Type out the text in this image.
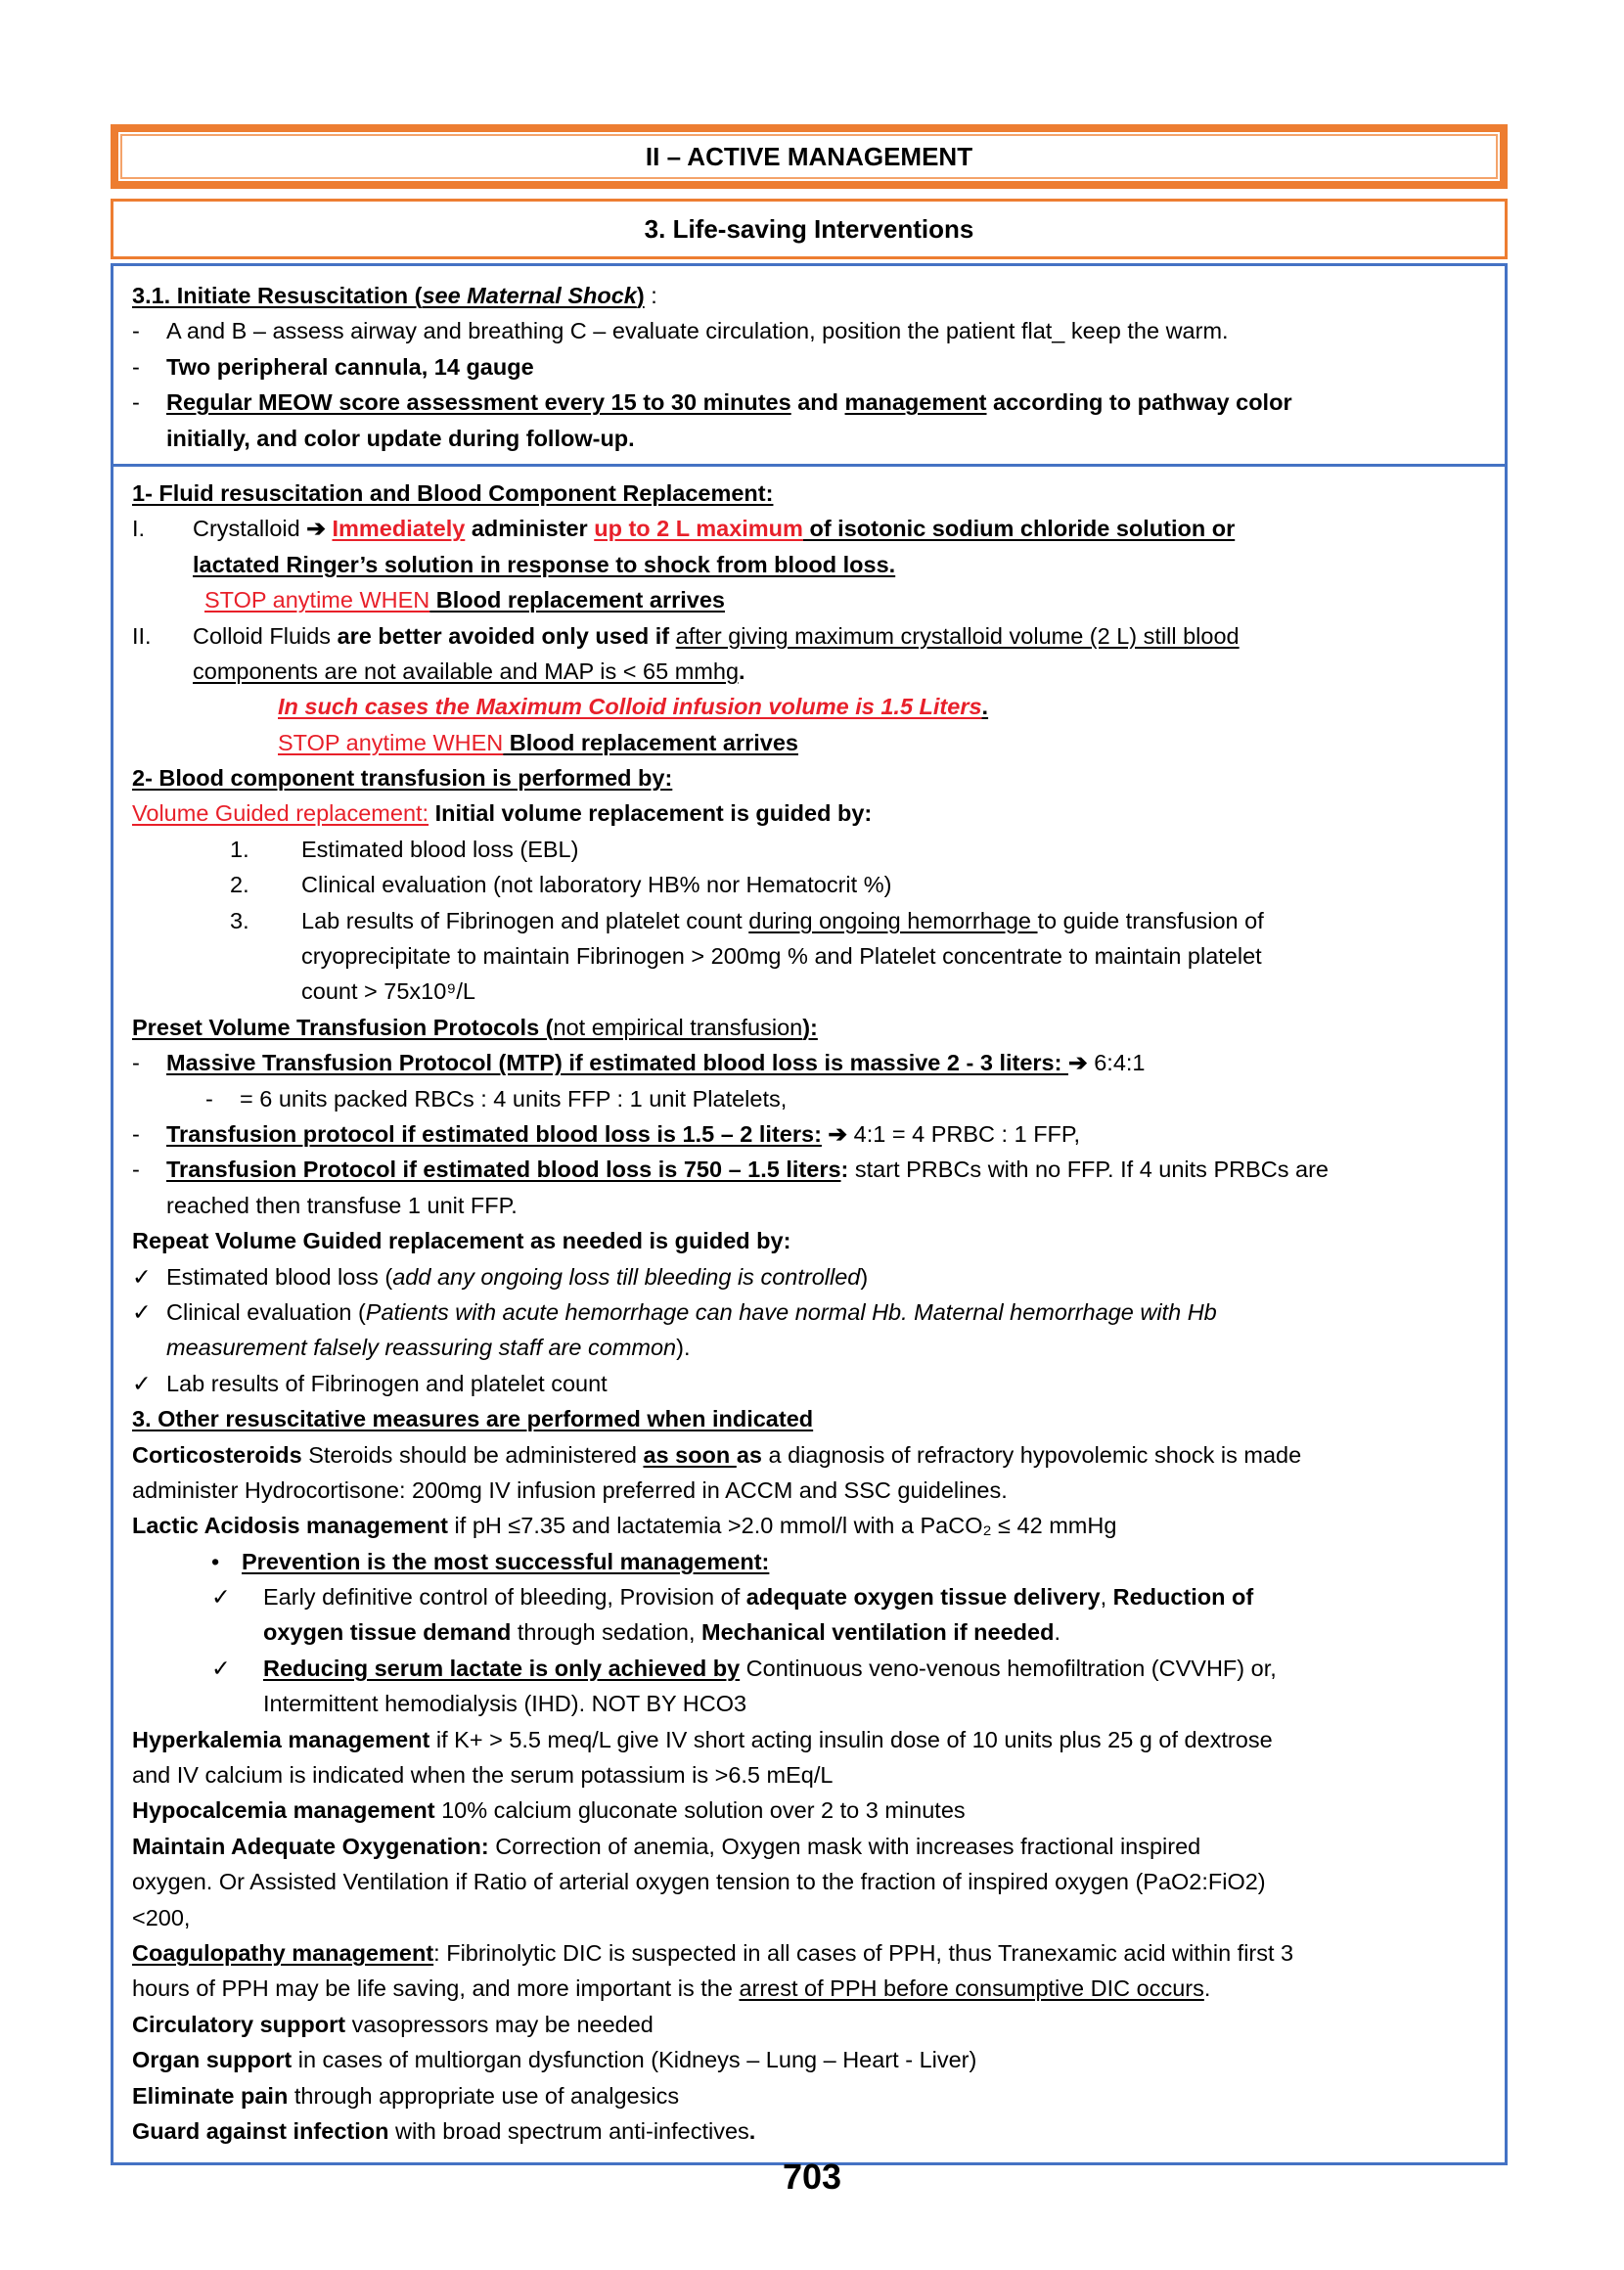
II – ACTIVE MANAGEMENT
3. Life-saving Interventions
3.1. Initiate Resuscitation (see Maternal Shock) :
- A and B – assess airway and breathing C – evaluate circulation, position the patient flat_ keep the warm.
- Two peripheral cannula, 14 gauge
- Regular MEOW score assessment every 15 to 30 minutes and management according to pathway color
initially, and color update during follow-up.
1- Fluid resuscitation and Blood Component Replacement:
I. Crystalloid ➔ Immediately administer up to 2 L maximum of isotonic sodium chloride solution or
lactated Ringer’s solution in response to shock from blood loss.
STOP anytime WHEN Blood replacement arrives
II. Colloid Fluids are better avoided only used if after giving maximum crystalloid volume (2 L) still blood
components are not available and MAP is < 65 mmhg.
In such cases the Maximum Colloid infusion volume is 1.5 Liters.
STOP anytime WHEN Blood replacement arrives
2- Blood component transfusion is performed by:
Volume Guided replacement: Initial volume replacement is guided by:
1. Estimated blood loss (EBL)
2. Clinical evaluation (not laboratory HB% nor Hematocrit %)
3. Lab results of Fibrinogen and platelet count during ongoing hemorrhage to guide transfusion of
cryoprecipitate to maintain Fibrinogen > 200mg % and Platelet concentrate to maintain platelet
count > 75x10⁹/L
Preset Volume Transfusion Protocols (not empirical transfusion):
- Massive Transfusion Protocol (MTP) if estimated blood loss is massive 2 - 3 liters: ➔ 6:4:1
- = 6 units packed RBCs : 4 units FFP : 1 unit Platelets,
- Transfusion protocol if estimated blood loss is 1.5 – 2 liters: ➔ 4:1 = 4 PRBC : 1 FFP,
- Transfusion Protocol if estimated blood loss is 750 – 1.5 liters: start PRBCs with no FFP. If 4 units PRBCs are
reached then transfuse 1 unit FFP.
Repeat Volume Guided replacement as needed is guided by:
✓ Estimated blood loss (add any ongoing loss till bleeding is controlled)
✓ Clinical evaluation (Patients with acute hemorrhage can have normal Hb. Maternal hemorrhage with Hb
measurement falsely reassuring staff are common).
✓ Lab results of Fibrinogen and platelet count
3. Other resuscitative measures are performed when indicated
Corticosteroids Steroids should be administered as soon as a diagnosis of refractory hypovolemic shock is made
administer Hydrocortisone: 200mg IV infusion preferred in ACCM and SSC guidelines.
Lactic Acidosis management if pH ≤7.35 and lactatemia >2.0 mmol/l with a PaCO₂ ≤ 42 mmHg
• Prevention is the most successful management:
✓ Early definitive control of bleeding, Provision of adequate oxygen tissue delivery, Reduction of
oxygen tissue demand through sedation, Mechanical ventilation if needed.
✓ Reducing serum lactate is only achieved by Continuous veno-venous hemofiltration (CVVHF) or,
Intermittent hemodialysis (IHD). NOT BY HCO3
Hyperkalemia management if K+ > 5.5 meq/L give IV short acting insulin dose of 10 units plus 25 g of dextrose
and IV calcium is indicated when the serum potassium is >6.5 mEq/L
Hypocalcemia management 10% calcium gluconate solution over 2 to 3 minutes
Maintain Adequate Oxygenation: Correction of anemia, Oxygen mask with increases fractional inspired
oxygen. Or Assisted Ventilation if Ratio of arterial oxygen tension to the fraction of inspired oxygen (PaO2:FiO2)
<200,
Coagulopathy management: Fibrinolytic DIC is suspected in all cases of PPH, thus Tranexamic acid within first 3
hours of PPH may be life saving, and more important is the arrest of PPH before consumptive DIC occurs.
Circulatory support vasopressors may be needed
Organ support in cases of multiorgan dysfunction (Kidneys – Lung – Heart - Liver)
Eliminate pain through appropriate use of analgesics
Guard against infection with broad spectrum anti-infectives.
703
